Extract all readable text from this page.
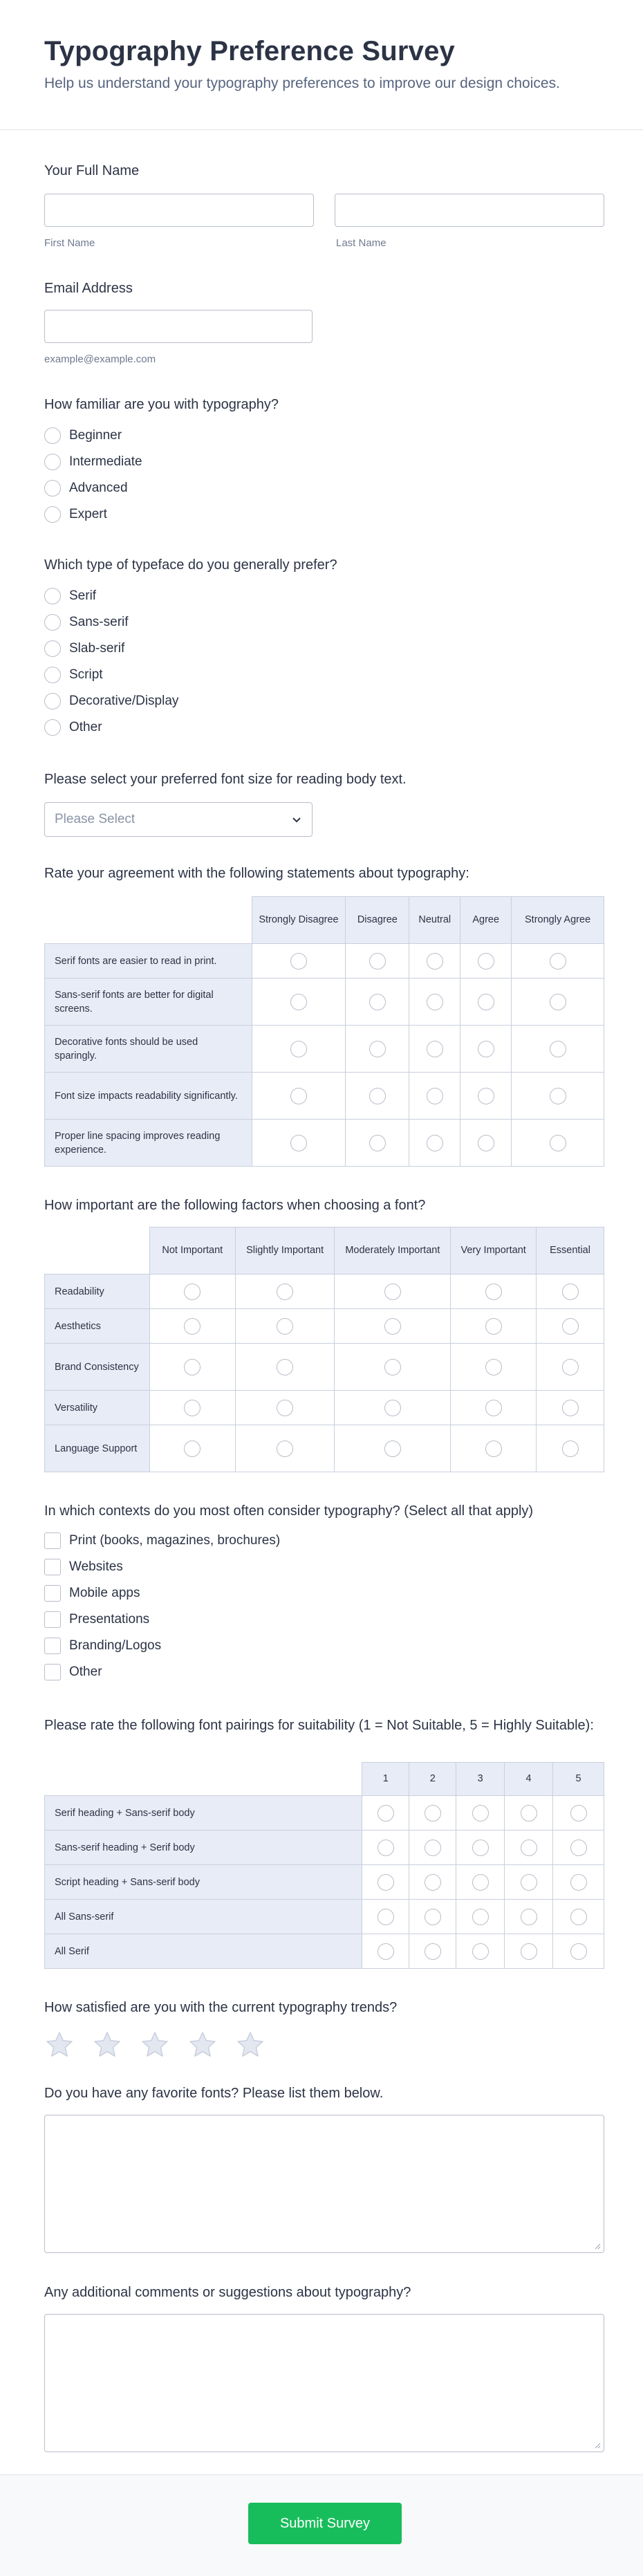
Typography Preference Survey

Help us understand your typography preferences to improve our design choices.

Your Full Name
First Name	Last Name
Email Address
example@example.com
How familiar are you with typography?
Beginner
Intermediate
Advanced
Expert
Which type of typeface do you generally prefer?
Serif
Sans-serif
Slab-serif
Script
Decorative/Display
Other
Please select your preferred font size for reading body text.
Please Select
Rate your agreement with the following statements about typography:
	Strongly Disagree	Disagree	Neutral	Agree	Strongly Agree
Serif fonts are easier to read in print.					
Sans-serif fonts are better for digital screens.					
Decorative fonts should be used sparingly.					
Font size impacts readability significantly.					
Proper line spacing improves reading experience.					
How important are the following factors when choosing a font?
	Not Important	Slightly Important	Moderately Important	Very Important	Essential
Readability					
Aesthetics					
Brand Consistency					
Versatility					
Language Support					
In which contexts do you most often consider typography? (Select all that apply)
Print (books, magazines, brochures)
Websites
Mobile apps
Presentations
Branding/Logos
Other
Please rate the following font pairings for suitability (1 = Not Suitable, 5 = Highly Suitable):
	1	2	3	4	5
Serif heading + Sans-serif body					
Sans-serif heading + Serif body					
Script heading + Sans-serif body					
All Sans-serif					
All Serif					
How satisfied are you with the current typography trends?
Do you have any favorite fonts? Please list them below.
Any additional comments or suggestions about typography?
Submit Survey
